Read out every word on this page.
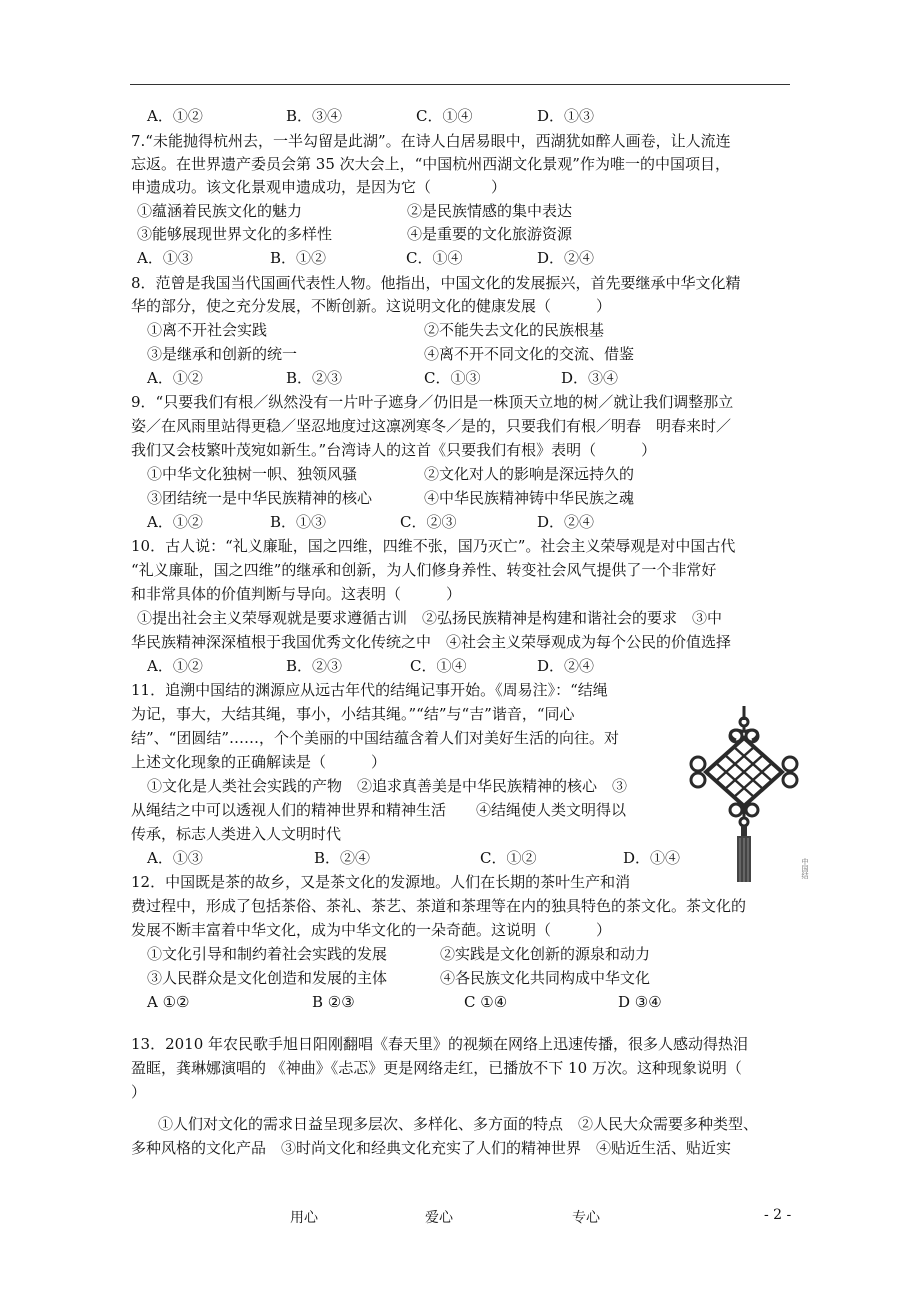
A．①②	B．③④	C．①④	D．①③
7.“未能抛得杭州去，一半勾留是此湖”。在诗人白居易眼中，西湖犹如醉人画卷，让人流连
忘返。在世界遗产委员会第 35 次大会上，“中国杭州西湖文化景观”作为唯一的中国项目，
申遗成功。该文化景观申遗成功，是因为它（　　　　）
①蕴涵着民族文化的魅力	②是民族情感的集中表达
③能够展现世界文化的多样性	④是重要的文化旅游资源
A．①③	B．①②	C．①④	D．②④
8．范曾是我国当代国画代表性人物。他指出，中国文化的发展振兴，首先要继承中华文化精
华的部分，使之充分发展，不断创新。这说明文化的健康发展（　　　）
①离不开社会实践	②不能失去文化的民族根基
③是继承和创新的统一	④离不开不同文化的交流、借鉴
A．①②	B．②③	C．①③	D．③④
9．“只要我们有根／纵然没有一片叶子遮身／仍旧是一株顶天立地的树／就让我们调整那立
姿／在风雨里站得更稳／坚忍地度过这凛冽寒冬／是的，只要我们有根／明春　明春来时／
我们又会枝繁叶茂宛如新生。”台湾诗人的这首《只要我们有根》表明（　　　）
①中华文化独树一帜、独领风骚	②文化对人的影响是深远持久的
③团结统一是中华民族精神的核心	④中华民族精神铸中华民族之魂
A．①②	B．①③	C．②③	D．②④
10．古人说：“礼义廉耻，国之四维，四维不张，国乃灭亡”。社会主义荣辱观是对中国古代
“礼义廉耻，国之四维”的继承和创新，为人们修身养性、转变社会风气提供了一个非常好
和非常具体的价值判断与导向。这表明（　　　）
①提出社会主义荣辱观就是要求遵循古训　②弘扬民族精神是构建和谐社会的要求　③中
华民族精神深深植根于我国优秀文化传统之中　④社会主义荣辱观成为每个公民的价值选择
A．①②	B．②③	C．①④	D．②④
11．追溯中国结的渊源应从远古年代的结绳记事开始。《周易注》：“结绳
为记，事大，大结其绳，事小，小结其绳。”“结”与“吉”谐音，“同心
结”、“团圆结”……，个个美丽的中国结蕴含着人们对美好生活的向往。对
上述文化现象的正确解读是（　　　）
①文化是人类社会实践的产物　②追求真善美是中华民族精神的核心　③
从绳结之中可以透视人们的精神世界和精神生活　　④结绳使人类文明得以
传承，标志人类进入人文明时代
A．①③	B．②④	C．①②	D．①④
12．中国既是茶的故乡，又是茶文化的发源地。人们在长期的茶叶生产和消
费过程中，形成了包括茶俗、茶礼、茶艺、茶道和茶理等在内的独具特色的茶文化。茶文化的
发展不断丰富着中华文化，成为中华文化的一朵奇葩。这说明（　　　）
①文化引导和制约着社会实践的发展	②实践是文化创新的源泉和动力
③人民群众是文化创造和发展的主体	④各民族文化共同构成中华文化
A ①②	B ②③	C ①④	D ③④
13．2010 年农民歌手旭日阳刚翻唱《春天里》的视频在网络上迅速传播，很多人感动得热泪
盈眶，龚琳娜演唱的 《神曲》《忐忑》更是网络走红，已播放不下 10 万次。这种现象说明（
）
①人们对文化的需求日益呈现多层次、多样化、多方面的特点　②人民大众需要多种类型、
多种风格的文化产品　③时尚文化和经典文化充实了人们的精神世界　④贴近生活、贴近实
中国结
用心	爱心	专心	- 2 -
